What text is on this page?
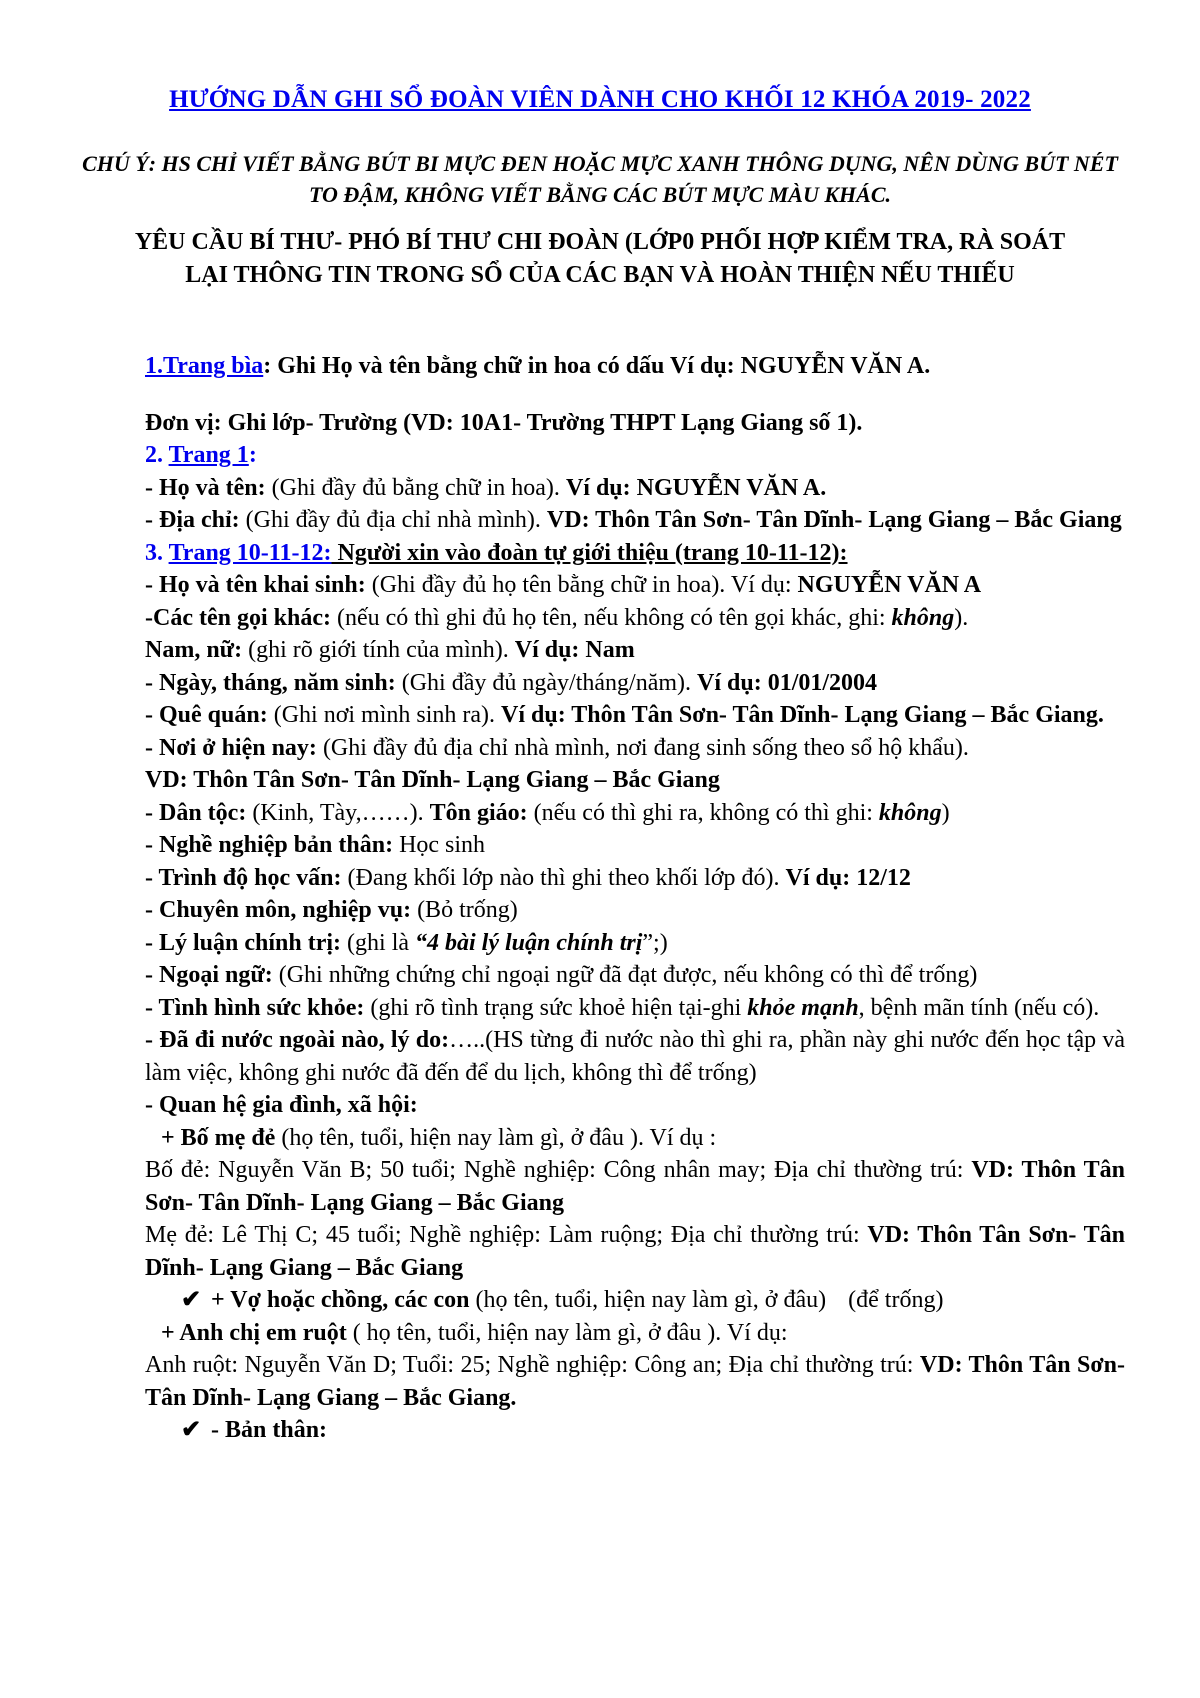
HƯỚNG DẪN GHI SỔ ĐOÀN VIÊN DÀNH CHO KHỐI 12 KHÓA 2019- 2022
CHÚ Ý: HS CHỈ VIẾT BẰNG BÚT BI MỰC ĐEN HOẶC MỰC XANH THÔNG DỤNG, NÊN DÙNG BÚT NÉT TO ĐẬM, KHÔNG VIẾT BẰNG CÁC BÚT MỰC MÀU KHÁC.
YÊU CẦU BÍ THƯ- PHÓ BÍ THƯ CHI ĐOÀN (LỚP0 PHỐI HỢP KIỂM TRA, RÀ SOÁT LẠI THÔNG TIN TRONG SỔ CỦA CÁC BẠN VÀ HOÀN THIỆN NẾU THIẾU

1.Trang bìa: Ghi Họ và tên bằng chữ in hoa có dấu Ví dụ: NGUYỄN VĂN A.

Đơn vị: Ghi lớp- Trường (VD: 10A1- Trường THPT Lạng Giang số 1).

2. Trang 1:

- Họ và tên: (Ghi đầy đủ bằng chữ in hoa). Ví dụ: NGUYỄN VĂN A.

- Địa chỉ: (Ghi đầy đủ địa chỉ nhà mình). VD: Thôn Tân Sơn- Tân Dĩnh- Lạng Giang – Bắc Giang

3. Trang 10-11-12: Người xin vào đoàn tự giới thiệu (trang 10-11-12):

- Họ và tên khai sinh: (Ghi đầy đủ họ tên bằng chữ in hoa). Ví dụ: NGUYỄN VĂN A

-Các tên gọi khác: (nếu có thì ghi đủ họ tên, nếu không có tên gọi khác, ghi: không).

Nam, nữ: (ghi rõ giới tính của mình). Ví dụ: Nam

- Ngày, tháng, năm sinh: (Ghi đầy đủ ngày/tháng/năm). Ví dụ: 01/01/2004

- Quê quán: (Ghi nơi mình sinh ra). Ví dụ: Thôn Tân Sơn- Tân Dĩnh- Lạng Giang – Bắc Giang.

- Nơi ở hiện nay: (Ghi đầy đủ địa chỉ nhà mình, nơi đang sinh sống theo sổ hộ khẩu).

VD: Thôn Tân Sơn- Tân Dĩnh- Lạng Giang – Bắc Giang

- Dân tộc: (Kinh, Tày,……). Tôn giáo: (nếu có thì ghi ra, không có thì ghi: không)

- Nghề nghiệp bản thân: Học sinh

- Trình độ học vấn: (Đang khối lớp nào thì ghi theo khối lớp đó). Ví dụ: 12/12

- Chuyên môn, nghiệp vụ: (Bỏ trống)

- Lý luận chính trị: (ghi là “4 bài lý luận chính trị”;)

- Ngoại ngữ: (Ghi những chứng chỉ ngoại ngữ đã đạt được, nếu không có thì để trống)

- Tình hình sức khỏe: (ghi rõ tình trạng sức khoẻ hiện tại-ghi khỏe mạnh, bệnh mãn tính (nếu có).

- Đã đi nước ngoài nào, lý do:…..(HS từng đi nước nào thì ghi ra, phần này ghi nước đến học tập và làm việc, không ghi nước đã đến để du lịch, không thì để trống)

- Quan hệ gia đình, xã hội:

+ Bố mẹ đẻ (họ tên, tuổi, hiện nay làm gì, ở đâu ). Ví dụ :

Bố đẻ: Nguyễn Văn B; 50 tuổi; Nghề nghiệp: Công nhân may; Địa chỉ thường trú: VD: Thôn Tân Sơn- Tân Dĩnh- Lạng Giang – Bắc Giang

Mẹ đẻ: Lê Thị C; 45 tuổi; Nghề nghiệp: Làm ruộng; Địa chỉ thường trú: VD: Thôn Tân Sơn- Tân Dĩnh- Lạng Giang – Bắc Giang

✔ + Vợ hoặc chồng, các con (họ tên, tuổi, hiện nay làm gì, ở đâu) (để trống)

+ Anh chị em ruột ( họ tên, tuổi, hiện nay làm gì, ở đâu ). Ví dụ:

Anh ruột: Nguyễn Văn D; Tuổi: 25; Nghề nghiệp: Công an; Địa chỉ thường trú: VD: Thôn Tân Sơn- Tân Dĩnh- Lạng Giang – Bắc Giang.

✔ - Bản thân:
